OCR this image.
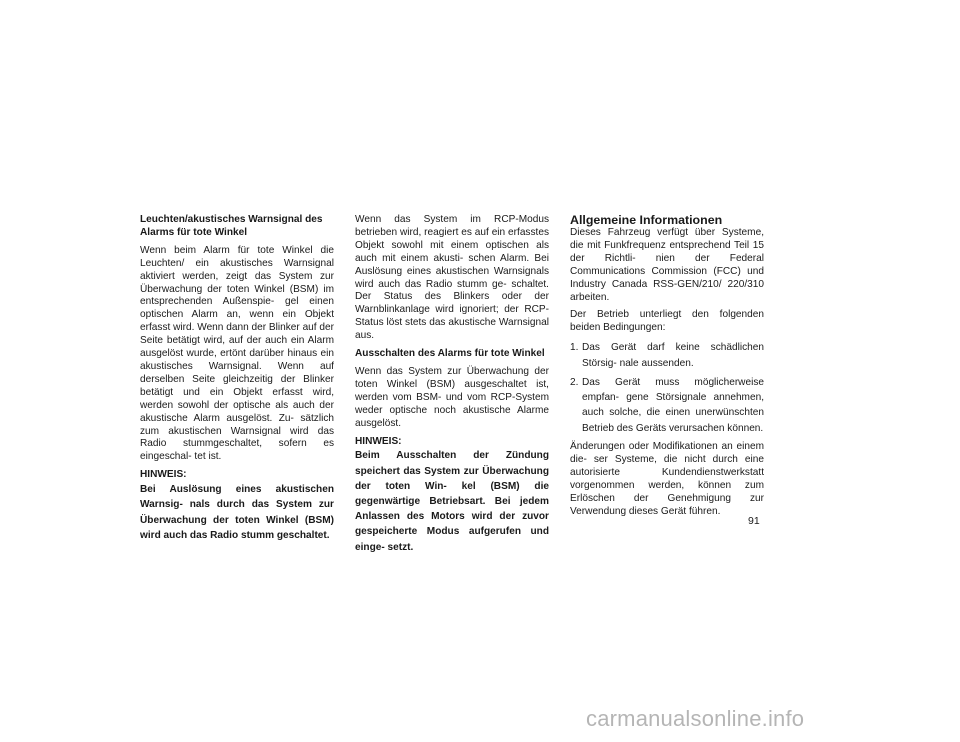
Leuchten/akustisches Warnsignal des Alarms für tote Winkel

Wenn beim Alarm für tote Winkel die Leuchten/ ein akustisches Warnsignal aktiviert werden, zeigt das System zur Überwachung der toten Winkel (BSM) im entsprechenden Außenspie- gel einen optischen Alarm an, wenn ein Objekt erfasst wird. Wenn dann der Blinker auf der Seite betätigt wird, auf der auch ein Alarm ausgelöst wurde, ertönt darüber hinaus ein akustisches Warnsignal. Wenn auf derselben Seite gleichzeitig der Blinker betätigt und ein Objekt erfasst wird, werden sowohl der optische als auch der akustische Alarm ausgelöst. Zu- sätzlich zum akustischen Warnsignal wird das Radio stummgeschaltet, sofern es eingeschal- tet ist.

HINWEIS:

Bei Auslösung eines akustischen Warnsig- nals durch das System zur Überwachung der toten Winkel (BSM) wird auch das Radio stumm geschaltet.

Wenn das System im RCP-Modus betrieben wird, reagiert es auf ein erfasstes Objekt sowohl mit einem optischen als auch mit einem akusti- schen Alarm. Bei Auslösung eines akustischen Warnsignals wird auch das Radio stumm ge- schaltet. Der Status des Blinkers oder der Warnblinkanlage wird ignoriert; der RCP-Status löst stets das akustische Warnsignal aus.

Ausschalten des Alarms für tote Winkel

Wenn das System zur Überwachung der toten Winkel (BSM) ausgeschaltet ist, werden vom BSM- und vom RCP-System weder optische noch akustische Alarme ausgelöst.

HINWEIS:

Beim Ausschalten der Zündung speichert das System zur Überwachung der toten Win- kel (BSM) die gegenwärtige Betriebsart. Bei jedem Anlassen des Motors wird der zuvor gespeicherte Modus aufgerufen und einge- setzt.

Allgemeine Informationen

Dieses Fahrzeug verfügt über Systeme, die mit Funkfrequenz entsprechend Teil 15 der Richtli- nien der Federal Communications Commission (FCC) und Industry Canada RSS-GEN/210/ 220/310 arbeiten.

Der Betrieb unterliegt den folgenden beiden Bedingungen:

1. Das Gerät darf keine schädlichen Störsig- nale aussenden.
2. Das Gerät muss möglicherweise empfan- gene Störsignale annehmen, auch solche, die einen unerwünschten Betrieb des Geräts verursachen können.

Änderungen oder Modifikationen an einem die- ser Systeme, die nicht durch eine autorisierte Kundendienstwerkstatt vorgenommen werden, können zum Erlöschen der Genehmigung zur Verwendung dieses Gerät führen.

91
carmanualsonline.info
